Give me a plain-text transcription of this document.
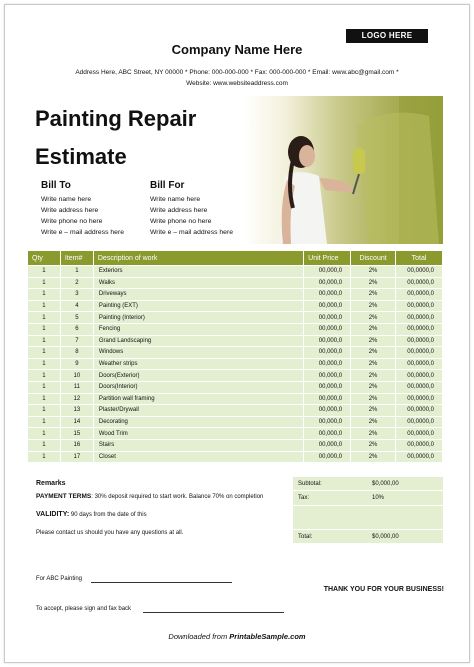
LOGO HERE
Company Name Here
Address Here, ABC Street, NY 00000 * Phone: 000-000-000 * Fax: 000-000-000 * Email: www.abc@gmail.com *
Website: www.websiteaddress.com
Painting Repair
Estimate
Bill To
Write name here
Write address here
Write phone no here
Write e – mail address here
Bill For
Write name here
Write address here
Write phone no here
Write e – mail address here
Qty	Item#	Description of work	Unit Price	Discount	Total
1	1	Exteriors	00,000,0	2%	00,0000,0
1	2	Walks	00,000,0	2%	00,0000,0
1	3	Driveways	00,000,0	2%	00,0000,0
1	4	Painting (EXT)	00,000,0	2%	00,0000,0
1	5	Painting (Interior)	00,000,0	2%	00,0000,0
1	6	Fencing	00,000,0	2%	00,0000,0
1	7	Grand Landscaping	00,000,0	2%	00,0000,0
1	8	Windows	00,000,0	2%	00,0000,0
1	9	Weather strips	00,000,0	2%	00,0000,0
1	10	Doors(Exterior)	00,000,0	2%	00,0000,0
1	11	Doors(Interior)	00,000,0	2%	00,0000,0
1	12	Partition wall framing	00,000,0	2%	00,0000,0
1	13	Plaster/Drywall	00,000,0	2%	00,0000,0
1	14	Decorating	00,000,0	2%	00,0000,0
1	15	Wood Trim	00,000,0	2%	00,0000,0
1	16	Stairs	00,000,0	2%	00,0000,0
1	17	Closet	00,000,0	2%	00,0000,0
Remarks
PAYMENT TERMS: 30% deposit required to start work. Balance 70% on completion
VALIDITY: 90 days from the date of this
Please contact us should you have any questions at all.
Subtotal:	$0,000,00
Tax:	10%
Total:	$0,000,00
For ABC Painting
To accept, please sign and fax back
THANK YOU FOR YOUR BUSINESS!
Downloaded from PrintableSample.com
